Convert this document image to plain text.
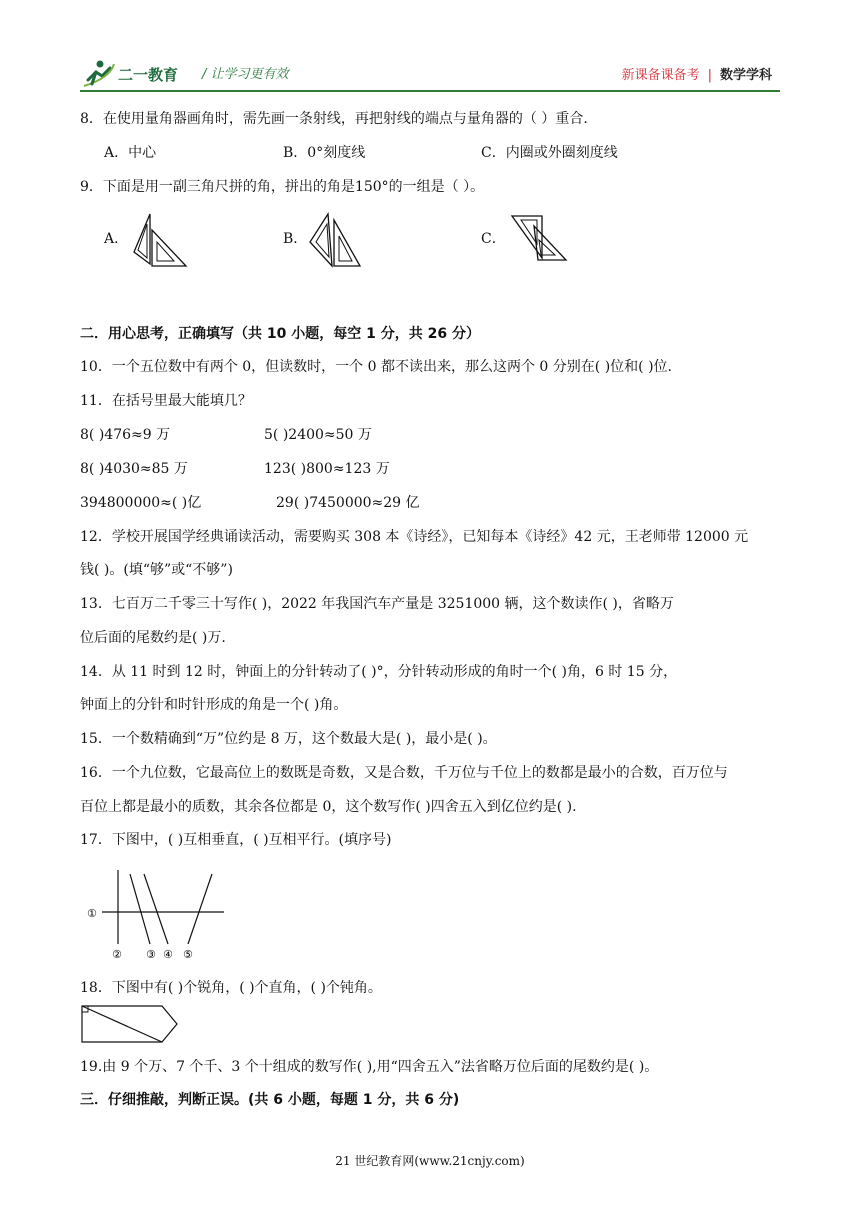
二一教育 / 让学习更有效	新课备课备考 | 数学学科
8．在使用量角器画角时，需先画一条射线，再把射线的端点与量角器的（ ）重合.
A．中心	B．0°刻度线	C．内圈或外圈刻度线
9．下面是用一副三角尺拼的角，拼出的角是150°的一组是（ ）。
A．	B．	C．
二．用心思考，正确填写（共 10 小题，每空 1 分，共 26 分）
10．一个五位数中有两个 0，但读数时，一个 0 都不读出来，那么这两个 0 分别在( )位和( )位.
11．在括号里最大能填几？
8( )476≈9 万	5( )2400≈50 万
8( )4030≈85 万	123( )800≈123 万
394800000≈( )亿	29( )7450000≈29 亿
12．学校开展国学经典诵读活动，需要购买 308 本《诗经》，已知每本《诗经》42 元，王老师带 12000 元
钱( )。(填“够”或“不够”)
13．七百万二千零三十写作( )，2022 年我国汽车产量是 3251000 辆，这个数读作( )，省略万
位后面的尾数约是( )万.
14．从 11 时到 12 时，钟面上的分针转动了( )°，分针转动形成的角时一个( )角，6 时 15 分，
钟面上的分针和时针形成的角是一个( )角。
15．一个数精确到“万”位约是 8 万，这个数最大是( )，最小是( )。
16．一个九位数，它最高位上的数既是奇数，又是合数，千万位与千位上的数都是最小的合数，百万位与
百位上都是最小的质数，其余各位都是 0，这个数写作( )四舍五入到亿位约是( ).
17．下图中，( )互相垂直，( )互相平行。(填序号)
①
② ③ ④ ⑤
18．下图中有( )个锐角，( )个直角，( )个钝角。
19.由 9 个万、7 个千、3 个十组成的数写作( ),用“四舍五入”法省略万位后面的尾数约是( )。
三．仔细推敲，判断正误。(共 6 小题，每题 1 分，共 6 分)
21 世纪教育网(www.21cnjy.com)
